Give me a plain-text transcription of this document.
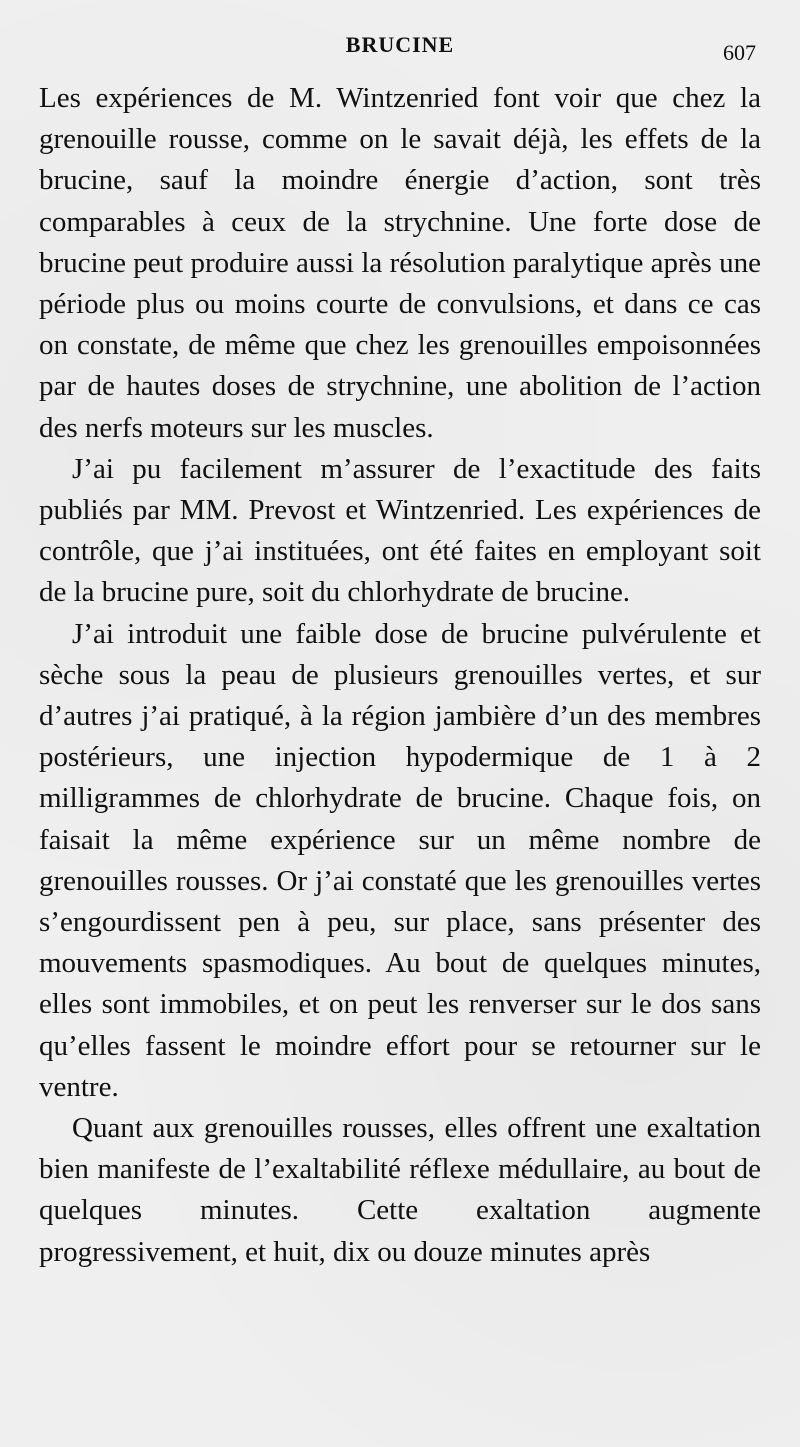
BRUCINE	607

Les expériences de M. Wintzenried font voir que chez la grenouille rousse, comme on le savait déjà, les effets de la brucine, sauf la moindre énergie d’action, sont très comparables à ceux de la strychnine. Une forte dose de brucine peut produire aussi la résolution paralytique après une période plus ou moins courte de convulsions, et dans ce cas on constate, de même que chez les grenouilles empoisonnées par de hautes doses de strychnine, une abolition de l’action des nerfs moteurs sur les muscles.

J’ai pu facilement m’assurer de l’exactitude des faits publiés par MM. Prevost et Wintzenried. Les expériences de contrôle, que j’ai instituées, ont été faites en employant soit de la brucine pure, soit du chlorhydrate de brucine.

J’ai introduit une faible dose de brucine pulvérulente et sèche sous la peau de plusieurs grenouilles vertes, et sur d’autres j’ai pratiqué, à la région jambière d’un des membres postérieurs, une injection hypodermique de 1 à 2 milligrammes de chlorhydrate de brucine. Chaque fois, on faisait la même expérience sur un même nombre de grenouilles rousses. Or j’ai constaté que les grenouilles vertes s’engourdissent pen à peu, sur place, sans présenter des mouvements spasmodiques. Au bout de quelques minutes, elles sont immobiles, et on peut les renverser sur le dos sans qu’elles fassent le moindre effort pour se retourner sur le ventre.

Quant aux grenouilles rousses, elles offrent une exaltation bien manifeste de l’exaltabilité réflexe médullaire, au bout de quelques minutes. Cette exaltation augmente progressivement, et huit, dix ou douze minutes après
